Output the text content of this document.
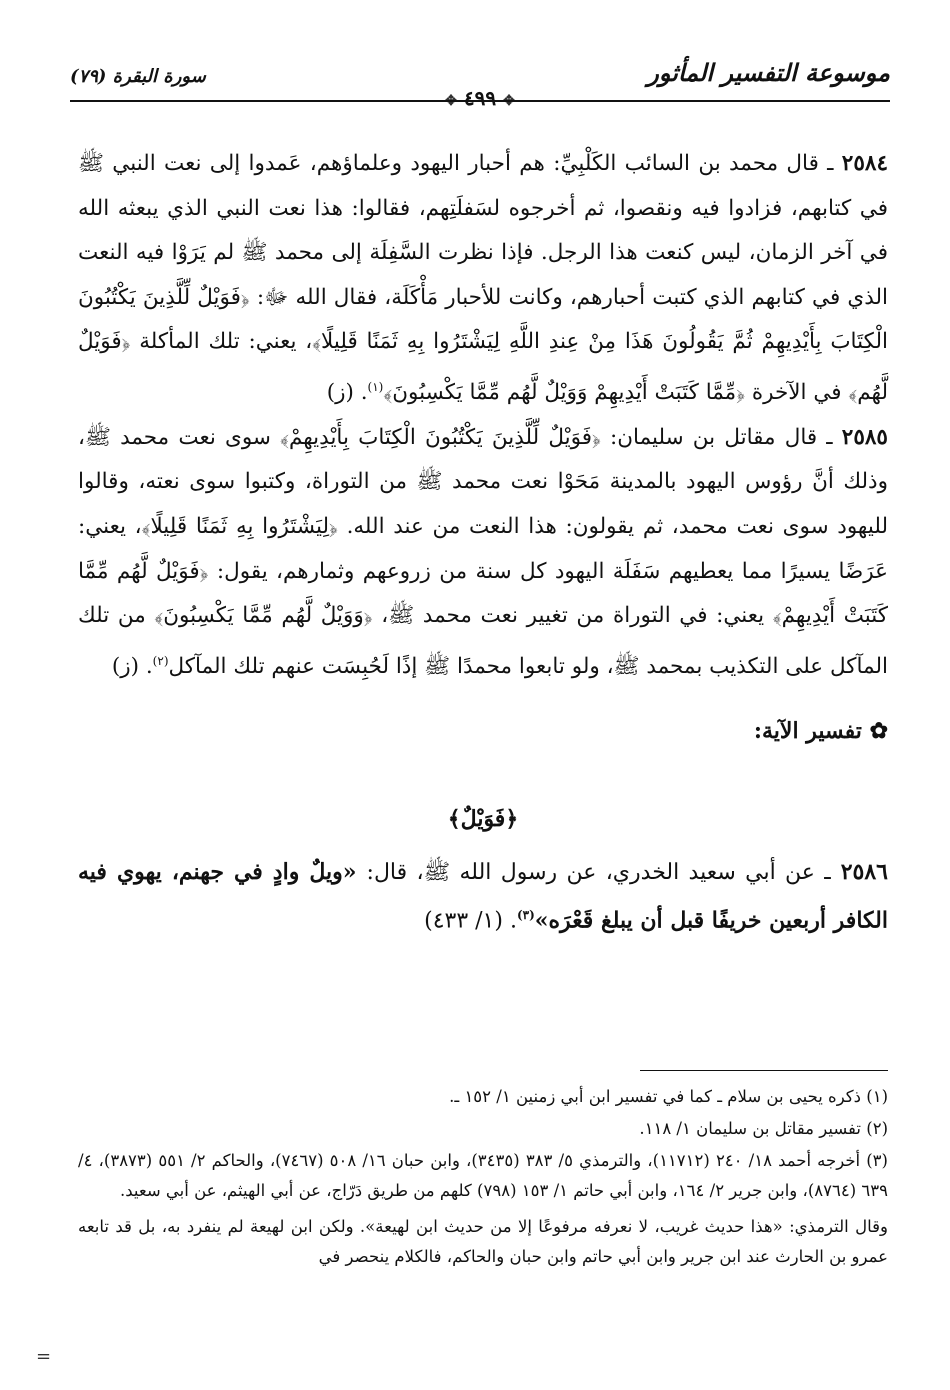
موسوعة التفسير المأثور
✥ ٤٩٩ ✥
سورة البقرة (٧٩)

٢٥٨٤ ـ قال محمد بن السائب الكَلْبِيِّ: هم أحبار اليهود وعلماؤهم، عَمدوا إلى نعت النبي ﷺ في كتابهم، فزادوا فيه ونقصوا، ثم أخرجوه لسَفلَتِهم، فقالوا: هذا نعت النبي الذي يبعثه الله في آخر الزمان، ليس كنعت هذا الرجل. فإذا نظرت السَّفِلَة إلى محمد ﷺ لم يَرَوْا فيه النعت الذي في كتابهم الذي كتبت أحبارهم، وكانت للأحبار مَأْكَلَة، فقال الله ﷻ: ﴿فَوَيْلٌ لِّلَّذِينَ يَكْتُبُونَ الْكِتَابَ بِأَيْدِيهِمْ ثُمَّ يَقُولُونَ هَذَا مِنْ عِندِ اللَّهِ لِيَشْتَرُوا بِهِ ثَمَنًا قَلِيلًا﴾، يعني: تلك المأكلة ﴿فَوَيْلٌ لَّهُم﴾ في الآخرة ﴿مِّمَّا كَتَبَتْ أَيْدِيهِمْ وَوَيْلٌ لَّهُم مِّمَّا يَكْسِبُونَ﴾$^{(١)}$. (ز)

٢٥٨٥ ـ قال مقاتل بن سليمان: ﴿فَوَيْلٌ لِّلَّذِينَ يَكْتُبُونَ الْكِتَابَ بِأَيْدِيهِمْ﴾ سوى نعت محمد ﷺ، وذلك أنَّ رؤوس اليهود بالمدينة مَحَوْا نعت محمد ﷺ من التوراة، وكتبوا سوى نعته، وقالوا لليهود سوى نعت محمد، ثم يقولون: هذا النعت من عند الله. ﴿لِيَشْتَرُوا بِهِ ثَمَنًا قَلِيلًا﴾، يعني: عَرَضًا يسيرًا مما يعطيهم سَفَلَة اليهود كل سنة من زروعهم وثمارهم، يقول: ﴿فَوَيْلٌ لَّهُم مِّمَّا كَتَبَتْ أَيْدِيهِمْ﴾ يعني: في التوراة من تغيير نعت محمد ﷺ، ﴿وَوَيْلٌ لَّهُم مِّمَّا يَكْسِبُونَ﴾ من تلك المآكل على التكذيب بمحمد ﷺ، ولو تابعوا محمدًا ﷺ إذًا لَحُبِسَت عنهم تلك المآكل$^{(٢)}$. (ز)

✿ تفسير الآية:
﴿فَوَيْلٌ﴾

٢٥٨٦ ـ عن أبي سعيد الخدري، عن رسول الله ﷺ، قال: «ويلٌ وادٍ في جهنم، يهوي فيه الكافر أربعين خريفًا قبل أن يبلغ قَعْرَه»$^{(٣)}$. (١/ ٤٣٣)

(١) ذكره يحيى بن سلام ـ كما في تفسير ابن أبي زمنين ١/ ١٥٢ ـ.

(٢) تفسير مقاتل بن سليمان ١/ ١١٨.

(٣) أخرجه أحمد ١٨/ ٢٤٠ (١١٧١٢)، والترمذي ٥/ ٣٨٣ (٣٤٣٥)، وابن حبان ١٦/ ٥٠٨ (٧٤٦٧)، والحاكم ٢/ ٥٥١ (٣٨٧٣)، ٤/ ٦٣٩ (٨٧٦٤)، وابن جرير ٢/ ١٦٤، وابن أبي حاتم ١/ ١٥٣ (٧٩٨) كلهم من طريق دَرّاج، عن أبي الهيثم، عن أبي سعيد.

وقال الترمذي: «هذا حديث غريب، لا نعرفه مرفوعًا إلا من حديث ابن لهيعة». ولكن ابن لهيعة لم ينفرد به، بل قد تابعه عمرو بن الحارث عند ابن جرير وابن أبي حاتم وابن حبان والحاكم، فالكلام ينحصر في

=
